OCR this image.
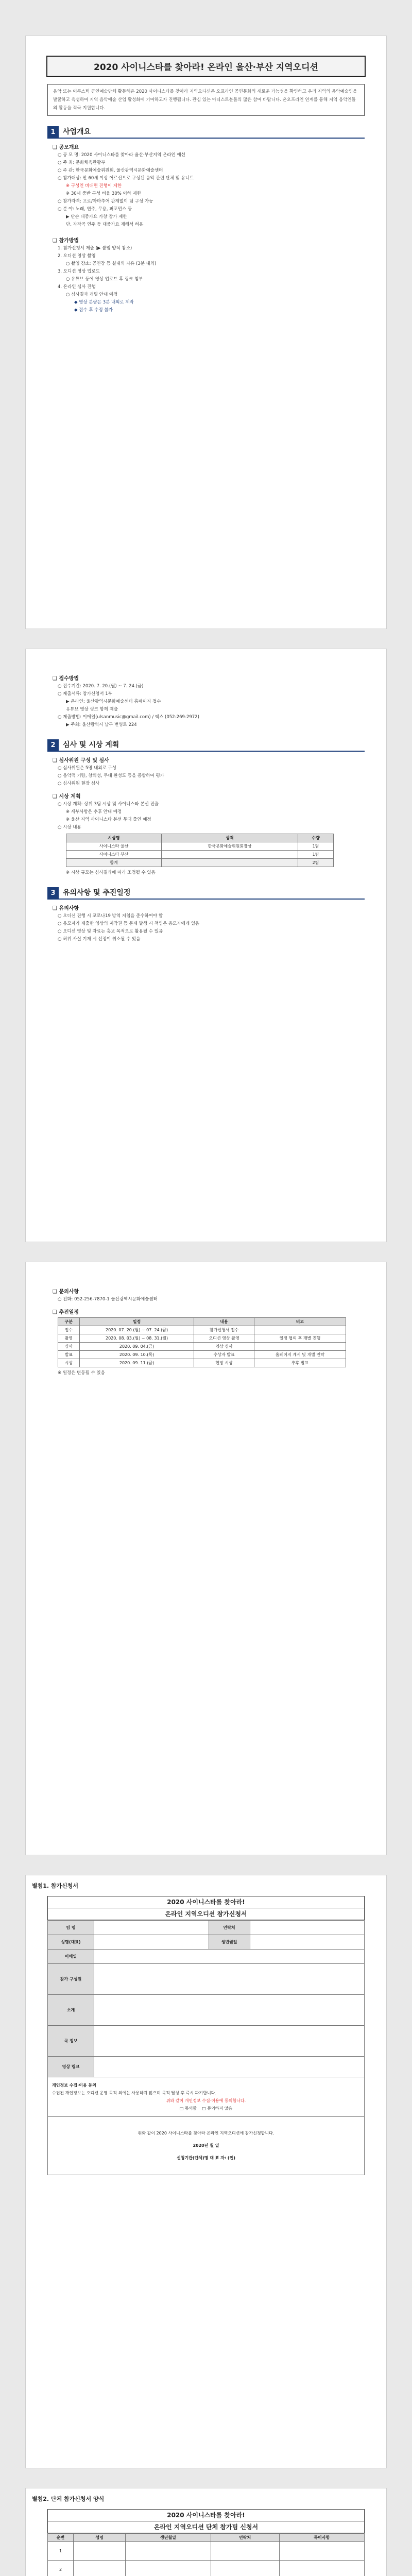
2020 사이니스타를 찾아라! 온라인 울산·부산 지역오디션
음악 또는 어쿠스틱 공연예술단체 활동해온 2020 사이니스타를 찾아라 지역오디션은 오프라인 공연문화의 새로운 가능성을 확인하고 우리 지역의 음악예술인을 발굴하고 육성하여 지역 음악예술 산업 활성화에 기여하고자 진행됩니다. 관심 있는 아티스트분들의 많은 참여 바랍니다. 온오프라인 연계를 통해 지역 음악인들의 활동을 적극 지원합니다.
1	사업개요
❑ 공모개요
○ 공 모 명: 2020 사이니스타를 찾아라 울산·부산지역 온라인 예선
○ 주 최: 문화체육관광부
○ 주 관: 한국문화예술위원회, 울산광역시문화예술센터
○ 참가대상: 만 60세 이상 어르신으로 구성된 음악 관련 단체 및 유니트
※ 구성인 비대면 진행이 제한
※ 30세 중반 구성 비율 30% 이하 제한
○ 참가자격: 프로/아마추어 관계없이 팀 구성 가능
○ 분 야: 노래, 연주, 무용, 퍼포먼스 등
▶ 단순 대중가요 가창 참가 제한
단, 자작곡 연주 등 대중가요 재해석 허용
❑ 참가방법
1. 참가신청서 제출 (▶ 붙임 양식 참조)
2. 오디션 영상 촬영
○ 촬영 장소: 공연장 등 실내외 자유 (3분 내외)
3. 오디션 영상 업로드
○ 유튜브 등에 영상 업로드 후 링크 첨부
4. 온라인 심사 진행
○ 심사결과 개별 안내 예정
◆ 영상 분량은 3분 내외로 제작
◆ 접수 후 수정 불가
❑ 접수방법
○ 접수기간: 2020. 7. 20.(월) ~ 7. 24.(금)
○ 제출서류: 참가신청서 1부
▶ 온라인: 울산광역시문화예술센터 홈페이지 접수
유튜브 영상 링크 함께 제출
○ 제출방법: 이메일(ulsanmusic@gmail.com) / 팩스 (052-269-2972)
▶ 주최: 울산광역시 남구 번영로 224
2	심사 및 시상 계획
❑ 심사위원 구성 및 심사
○ 심사위원은 5명 내외로 구성
○ 음악적 기량, 창의성, 무대 완성도 등을 종합하여 평가
○ 심사위원 현장 심사
❑ 시상 계획
○ 시상 계획: 상위 3팀 시상 및 사이니스타 본선 진출
※ 세부사항은 추후 안내 예정
※ 울산 지역 사이니스타 본선 무대 출연 예정
○ 시상 내용
시상명	상격	수량
사이니스타 울산	한국문화예술위원회장상	1팀
사이니스타 부산		1팀
합계		2팀
※ 시상 규모는 심사결과에 따라 조정될 수 있음
3	유의사항 및 추진일정
❑ 유의사항
○ 오디션 진행 시 코로나19 방역 지침을 준수하여야 함
○ 응모자가 제출한 영상의 저작권 등 문제 발생 시 책임은 응모자에게 있음
○ 오디션 영상 및 자료는 홍보 목적으로 활용될 수 있음
○ 허위 사실 기재 시 선정이 취소될 수 있음
❑ 문의사항
○ 전화: 052-256-7870-1 울산광역시문화예술센터
❑ 추진일정
구분	일정	내용	비고
접수	2020. 07. 20.(월) ~ 07. 24.(금)	참가신청서 접수	
촬영	2020. 08. 03.(월) ~ 08. 31.(월)	오디션 영상 촬영	일정 협의 후 개별 진행
심사	2020. 09. 04.(금)	영상 심사	
발표	2020. 09. 10.(목)	수상자 발표	홈페이지 게시 및 개별 연락
시상	2020. 09. 11.(금)	현장 시상	추후 발표
※ 일정은 변동될 수 있음
별첨1. 참가신청서
2020 사이니스타를 찾아라!
온라인 지역오디션 참가신청서
팀 명		연락처	
성명(대표)		생년월일	
이메일			
참가 구성원			
소개			
곡 정보			
영상 링크			

개인정보 수집·이용 동의
수집된 개인정보는 오디션 운영 목적 외에는 사용하지 않으며 목적 달성 후 즉시 파기합니다.
위와 같이 개인정보 수집·이용에 동의합니다.
□ 동의함 □ 동의하지 않음			

위와 같이 2020 사이니스타를 찾아라 온라인 지역오디션에 참가신청합니다.
2020년 월 일
신청기관(단체)명 대 표 자: (인)			
별첨2. 단체 참가신청서 양식
2020 사이니스타를 찾아라!
온라인 지역오디션 단체 참가팀 신청서
순번	성명	생년월일	연락처	특이사항
1				
2				
